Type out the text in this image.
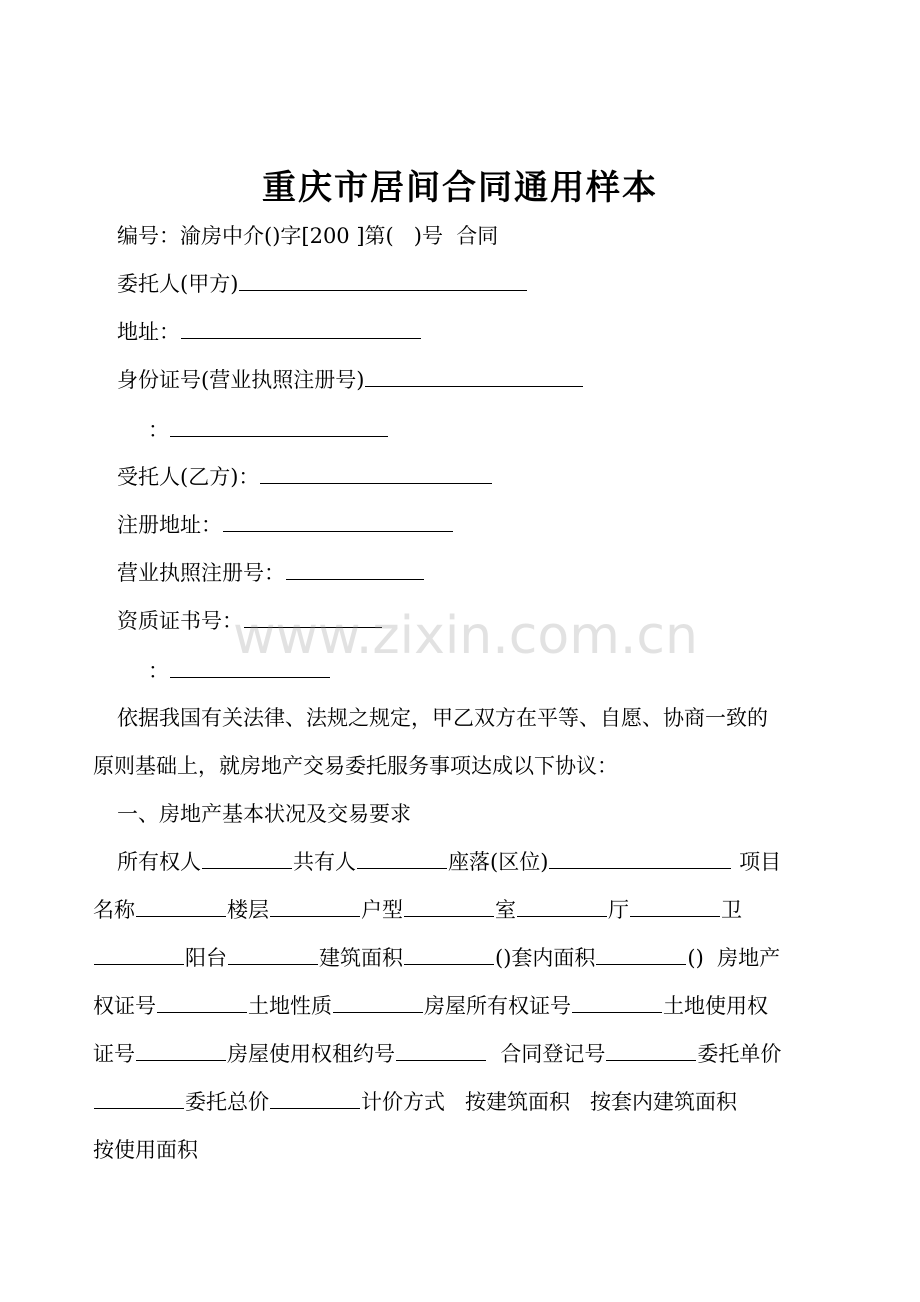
重庆市居间合同通用样本
编号：渝房中介()字[200 ]第(   )号  合同
委托人(甲方)
地址：
身份证号(营业执照注册号)
：
受托人(乙方)：
注册地址：
营业执照注册号：
资质证书号：
：
依据我国有关法律、法规之规定，甲乙双方在平等、自愿、协商一致的
原则基础上，就房地产交易委托服务事项达成以下协议：
一、房地产基本状况及交易要求
所有权人	共有人	座落(区位)	项目
名称	楼层	户型	室	厅	卫
阳台	建筑面积	()套内面积	()  房地产
权证号	土地性质	房屋所有权证号	土地使用权
证号	房屋使用权租约号	合同登记号	委托单价
委托总价	计价方式   按建筑面积   按套内建筑面积
按使用面积
www.zixin.com.cn
